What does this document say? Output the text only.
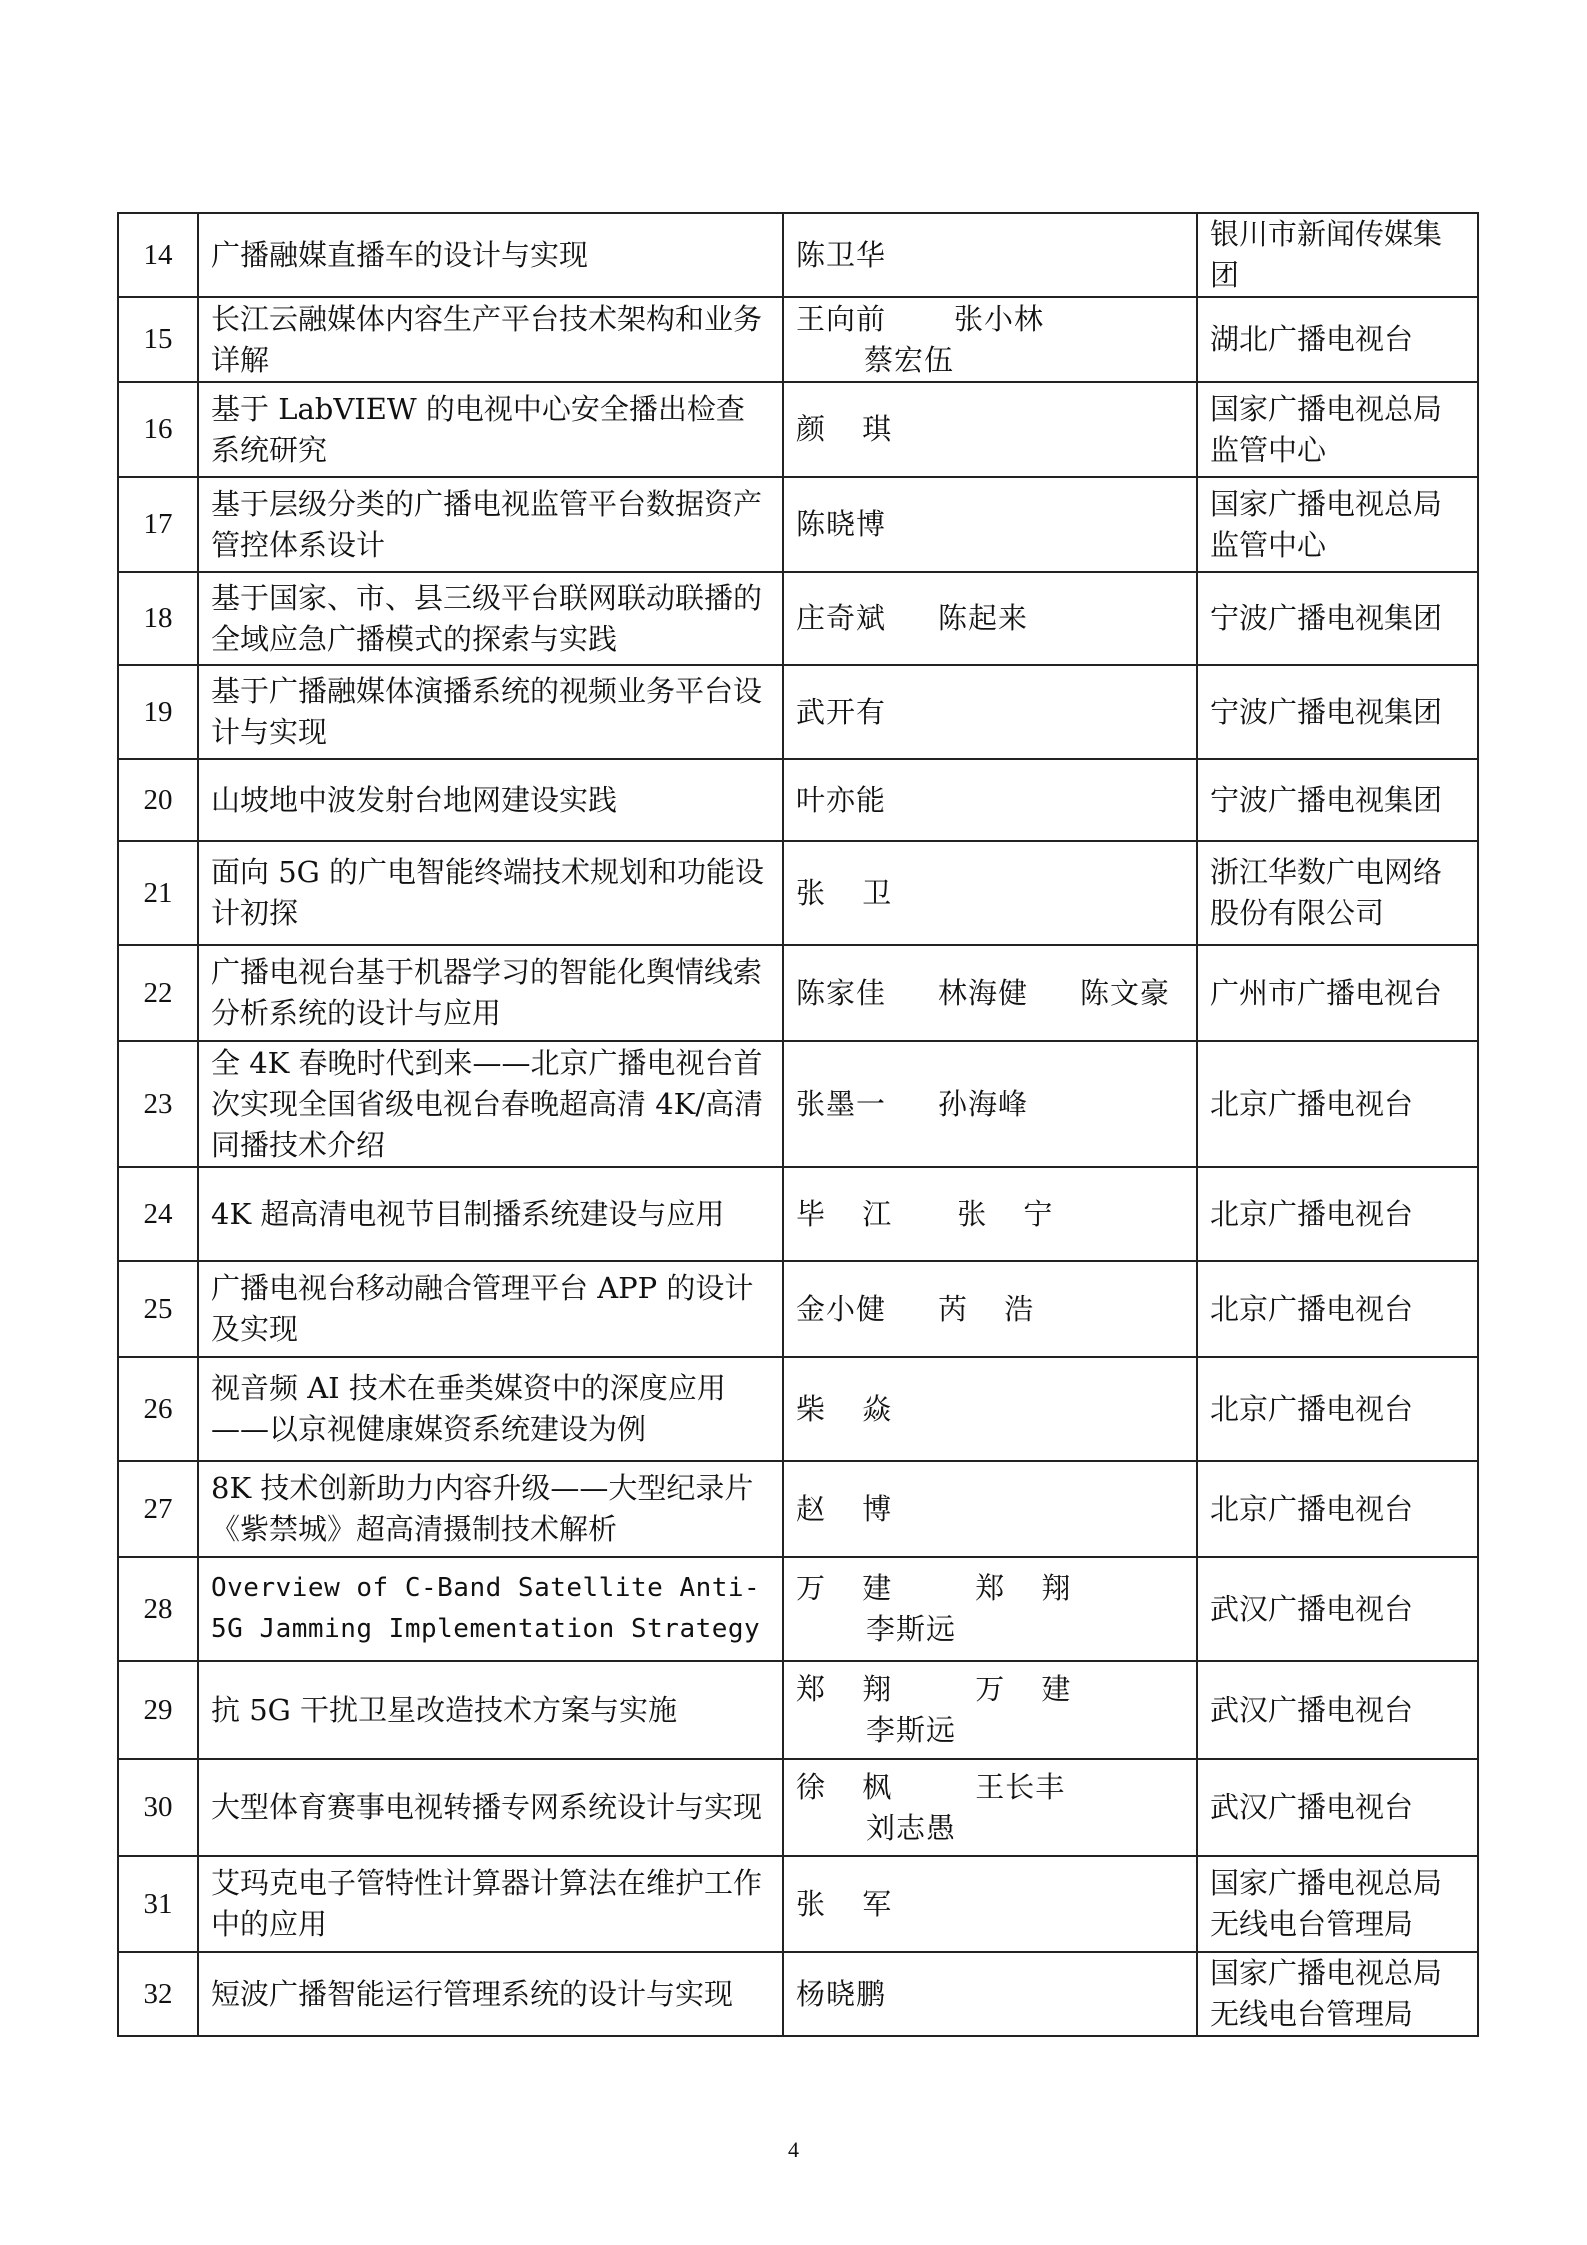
14	广播融媒直播车的设计与实现	陈卫华	银川市新闻传媒集团
15	长江云融媒体内容生产平台技术架构和业务详解	王向前 张小林蔡宏伍	湖北广播电视台
16	基于 LabVIEW 的电视中心安全播出检查系统研究	颜 琪	国家广播电视总局监管中心
17	基于层级分类的广播电视监管平台数据资产管控体系设计	陈晓博	国家广播电视总局监管中心
18	基于国家、市、县三级平台联网联动联播的全域应急广播模式的探索与实践	庄奇斌 陈起来	宁波广播电视集团
19	基于广播融媒体演播系统的视频业务平台设计与实现	武开有	宁波广播电视集团
20	山坡地中波发射台地网建设实践	叶亦能	宁波广播电视集团
21	面向 5G 的广电智能终端技术规划和功能设计初探	张 卫	浙江华数广电网络股份有限公司
22	广播电视台基于机器学习的智能化舆情线索分析系统的设计与应用	陈家佳 林海健 陈文豪	广州市广播电视台
23	全 4K 春晚时代到来——北京广播电视台首次实现全国省级电视台春晚超高清 4K/高清同播技术介绍	张墨一 孙海峰	北京广播电视台
24	4K 超高清电视节目制播系统建设与应用	毕 江 张 宁	北京广播电视台
25	广播电视台移动融合管理平台 APP 的设计及实现	金小健 芮 浩	北京广播电视台
26	视音频 AI 技术在垂类媒资中的深度应用——以京视健康媒资系统建设为例	柴 焱	北京广播电视台
27	8K 技术创新助力内容升级——大型纪录片《紫禁城》超高清摄制技术解析	赵 博	北京广播电视台
28	Overview of C-Band Satellite Anti-5G Jamming Implementation Strategy	万 建 郑 翔李斯远	武汉广播电视台
29	抗 5G 干扰卫星改造技术方案与实施	郑 翔 万 建李斯远	武汉广播电视台
30	大型体育赛事电视转播专网系统设计与实现	徐 枫 王长丰刘志愚	武汉广播电视台
31	艾玛克电子管特性计算器计算法在维护工作中的应用	张 军	国家广播电视总局无线电台管理局
32	短波广播智能运行管理系统的设计与实现	杨晓鹏	国家广播电视总局无线电台管理局
4
